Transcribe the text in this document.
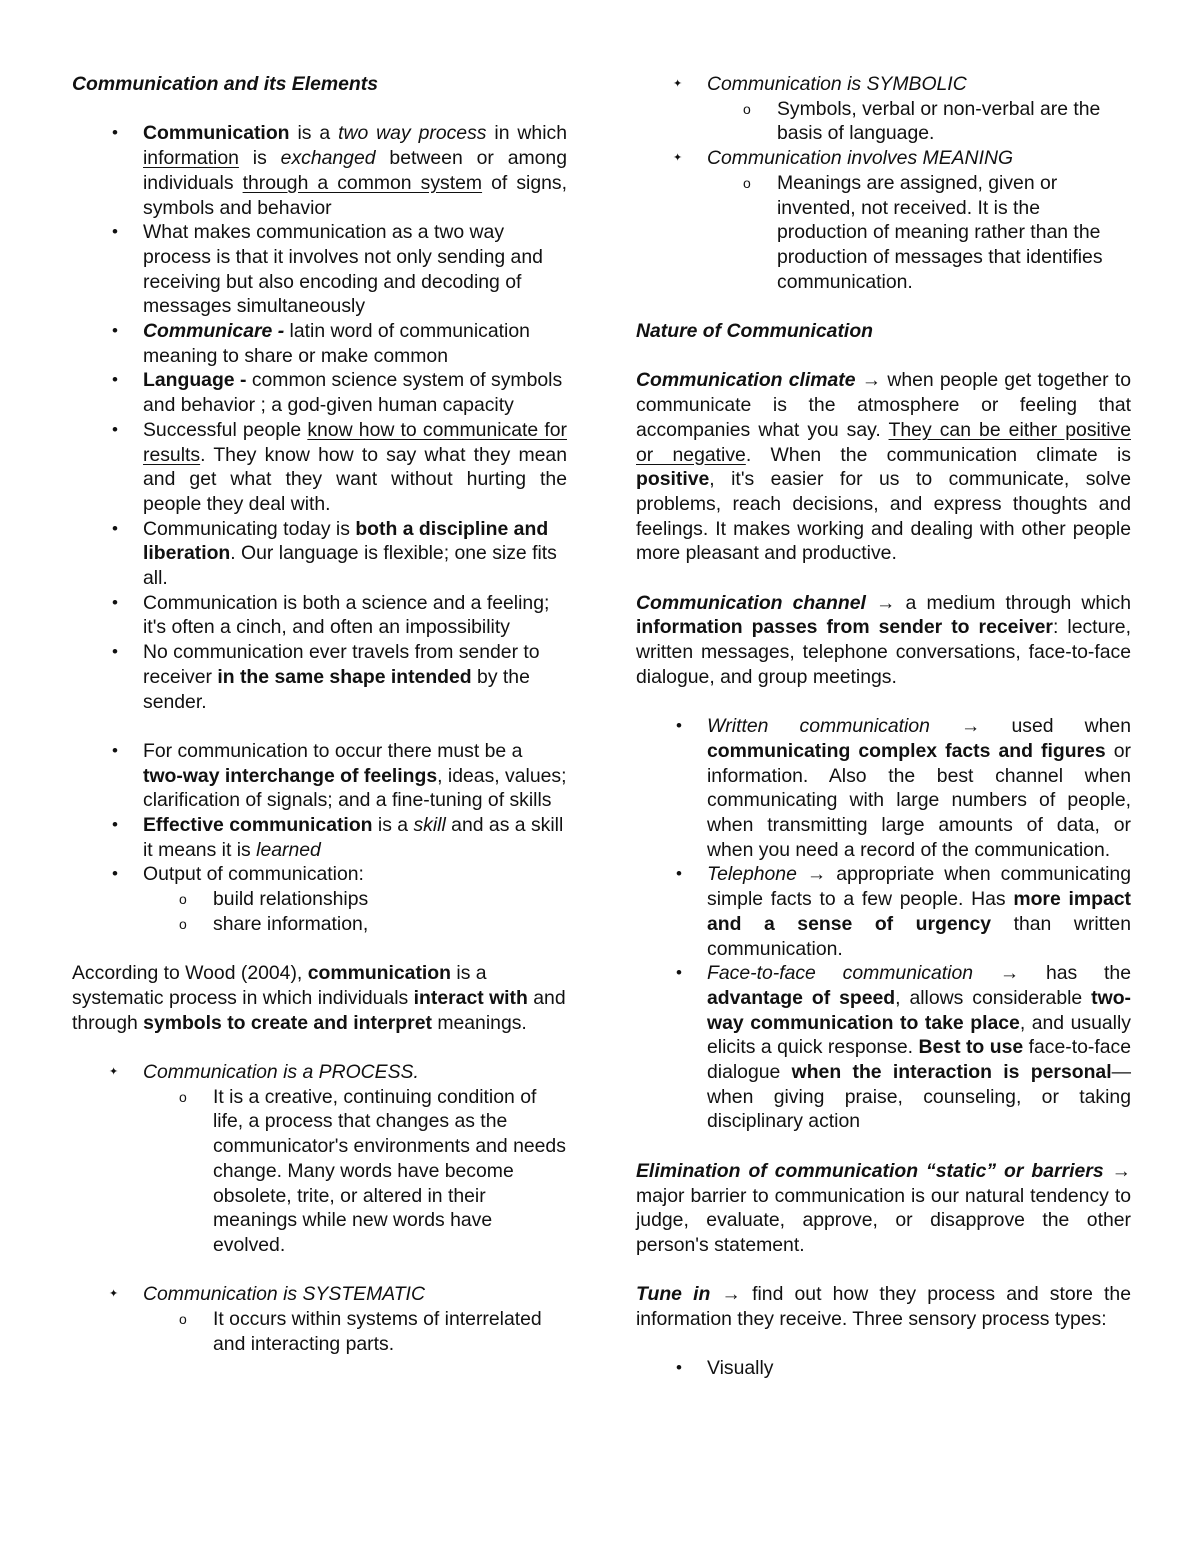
Communication and its Elements

• Communication is a two way process in which information is exchanged between or among individuals through a common system of signs, symbols and behavior

• What makes communication as a two way process is that it involves not only sending and receiving but also encoding and decoding of messages simultaneously

• Communicare - latin word of communication meaning to share or make common

• Language - common science system of symbols and behavior ; a god-given human capacity

• Successful people know how to communicate for results. They know how to say what they mean and get what they want without hurting the people they deal with.

• Communicating today is both a discipline and liberation. Our language is flexible; one size fits all.

• Communication is both a science and a feeling; it's often a cinch, and often an impossibility

• No communication ever travels from sender to receiver in the same shape intended by the sender.

• For communication to occur there must be a two-way interchange of feelings, ideas, values; clarification of signals; and a fine-tuning of skills

• Effective communication is a skill and as a skill it means it is learned

• Output of communication:

o build relationships

o share information,

According to Wood (2004), communication is a systematic process in which individuals interact with and through symbols to create and interpret meanings.

✦ Communication is a PROCESS.

o It is a creative, continuing condition of life, a process that changes as the communicator's environments and needs change. Many words have become obsolete, trite, or altered in their meanings while new words have evolved.

✦ Communication is SYSTEMATIC

o It occurs within systems of interrelated and interacting parts.

✦ Communication is SYMBOLIC

o Symbols, verbal or non-verbal are the basis of language.

✦ Communication involves MEANING

o Meanings are assigned, given or invented, not received. It is the production of meaning rather than the production of messages that identifies communication.

Nature of Communication

Communication climate → when people get together to communicate is the atmosphere or feeling that accompanies what you say. They can be either positive or negative. When the communication climate is positive, it's easier for us to communicate, solve problems, reach decisions, and express thoughts and feelings. It makes working and dealing with other people more pleasant and productive.

Communication channel → a medium through which information passes from sender to receiver: lecture, written messages, telephone conversations, face-to-face dialogue, and group meetings.

• Written communication → used when communicating complex facts and figures or information. Also the best channel when communicating with large numbers of people, when transmitting large amounts of data, or when you need a record of the communication.

• Telephone → appropriate when communicating simple facts to a few people. Has more impact and a sense of urgency than written communication.

• Face-to-face communication → has the advantage of speed, allows considerable two-way communication to take place, and usually elicits a quick response. Best to use face-to-face dialogue when the interaction is personal—when giving praise, counseling, or taking disciplinary action

Elimination of communication “static” or barriers → major barrier to communication is our natural tendency to judge, evaluate, approve, or disapprove the other person's statement.

Tune in → find out how they process and store the information they receive. Three sensory process types:

• Visually
